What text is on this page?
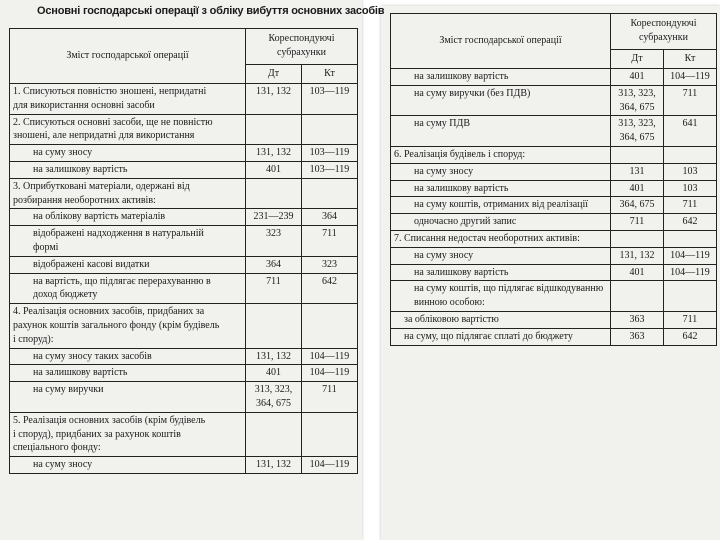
Основні господарські операції з обліку вибуття основних засобів
Зміст господарської операції	Кореспондуючі
субрахунки	

	Дт	Кт

1. Списуються повністю зношені, непридатні
для використання основні засоби	131, 132	103—119

2. Списуються основні засоби, ще не повністю
зношені, але непридатні для використання		

на суму зносу	131, 132	103—119

на залишкову вартість	401	103—119

3. Оприбутковані матеріали, одержані від
розбирання необоротних активів:		

на облікову вартість матеріалів	231—239	364

відображені надходження в натуральній
формі	323	711

відображені касові видатки	364	323

на вартість, що підлягає перерахуванню в
доход бюджету	711	642

4. Реалізація основних засобів, придбаних за
рахунок коштів загального фонду (крім будівель
і споруд):		

на суму зносу таких засобів	131, 132	104—119

на залишкову вартість	401	104—119

на суму виручки	313, 323,
364, 675	711

5. Реалізація основних засобів (крім будівель
і споруд), придбаних за рахунок коштів
спеціального фонду:		

на суму зносу	131, 132	104—119
Зміст господарської операції	Кореспондуючі
субрахунки	

	Дт	Кт

на залишкову вартість	401	104—119

на суму виручки (без ПДВ)	313, 323,
364, 675	711

на суму ПДВ	313, 323,
364, 675	641

6. Реалізація будівель і споруд:		

на суму зносу	131	103

на залишкову вартість	401	103

на суму коштів, отриманих від реалізації	364, 675	711

одночасно другий запис	711	642

7. Списання недостач необоротних активів:		

на суму зносу	131, 132	104—119

на залишкову вартість	401	104—119

на суму коштів, що підлягає відшкодуванню
винною особою:		

за обліковою вартістю	363	711

на суму, що підлягає сплаті до бюджету	363	642
